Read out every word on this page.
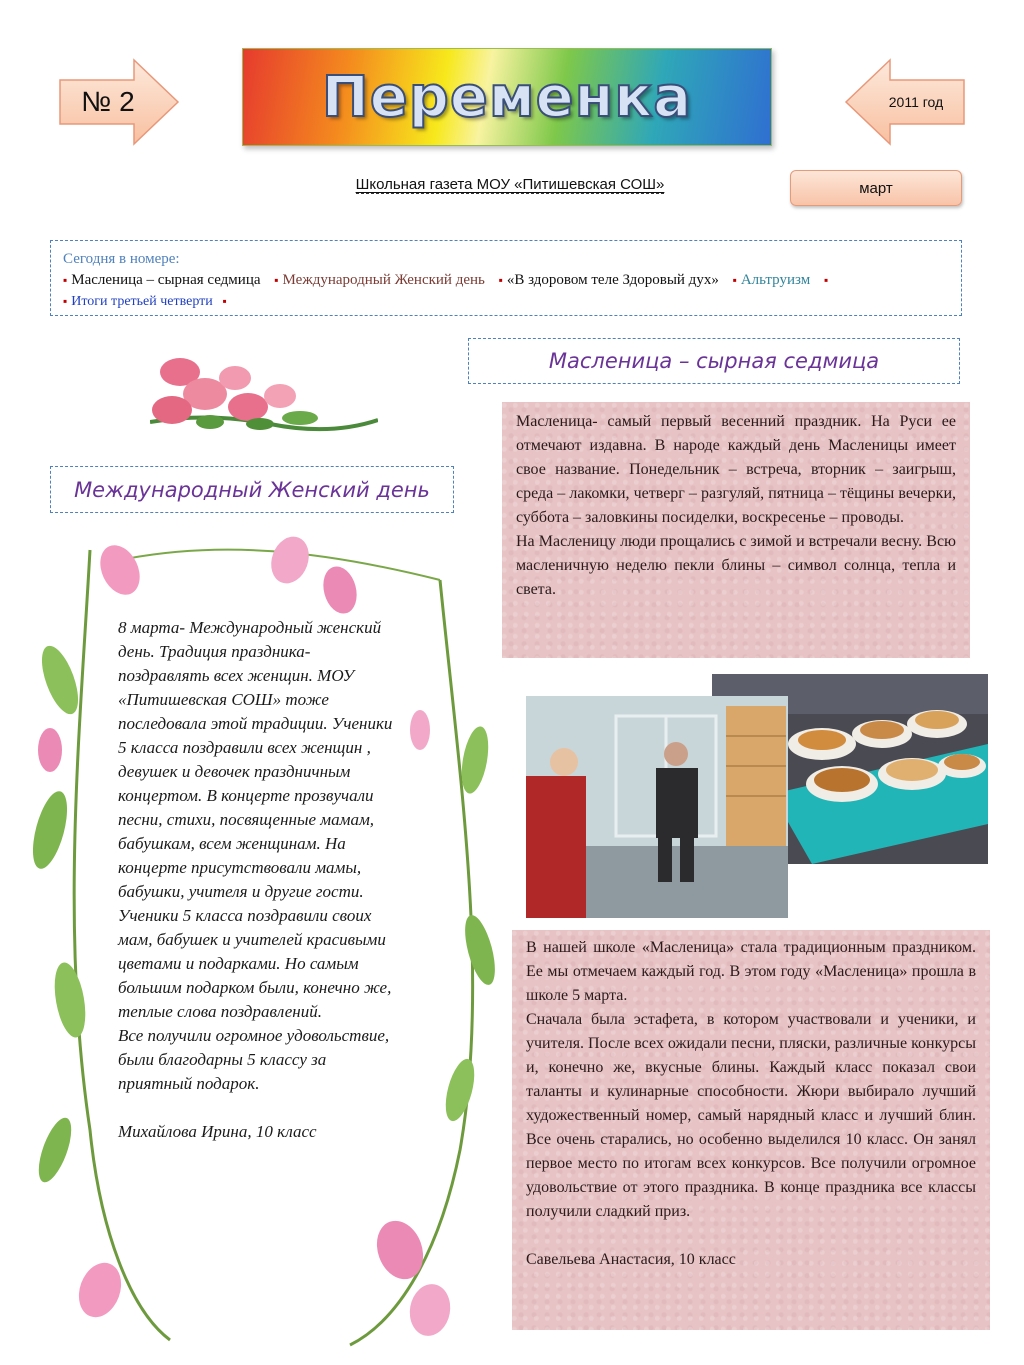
№ 2	Переменка	2011 год
Школьная газета МОУ «Питишевская СОШ»	март
Сегодня в номере:
▪ Масленица – сырная седмица ▪ Международный Женский день ▪ «В здоровом теле Здоровый дух» ▪ Альтруизм ▪
▪ Итоги третьей четверти ▪
Масленица – сырная седмица

Масленица- самый первый весенний праздник. На Руси ее отмечают издавна. В народе каждый день Масленицы имеет свое название. Понедельник – встреча, вторник – заигрыш, среда – лакомки, четверг – разгуляй, пятница – тёщины вечерки, суббота – заловкины посиделки, воскресенье – проводы.

На Масленицу люди прощались с зимой и встречали весну. Всю масленичную неделю пекли блины – символ солнца, тепла и света.

Международный Женский день

8 марта- Международный женский день. Традиция праздника- поздравлять всех женщин. МОУ «Питишевская СОШ» тоже последовала этой традиции. Ученики 5 класса поздравили всех женщин , девушек и девочек праздничным концертом. В концерте прозвучали песни, стихи, посвященные мамам, бабушкам, всем женщинам. На концерте присутствовали мамы, бабушки, учителя и другие гости. Ученики 5 класса поздравили своих мам, бабушек и учителей красивыми цветами и подарками. Но самым большим подарком были, конечно же, теплые слова поздравлений.

Все получили огромное удовольствие, были благодарны 5 классу за приятный подарок.

Михайлова Ирина, 10 класс

В нашей школе «Масленица» стала традиционным праздником. Ее мы отмечаем каждый год. В этом году «Масленица» прошла в школе 5 марта.

Сначала была эстафета, в котором участвовали и ученики, и учителя. После всех ожидали песни, пляски, различные конкурсы и, конечно же, вкусные блины. Каждый класс показал свои таланты и кулинарные способности. Жюри выбирало лучший художественный номер, самый нарядный класс и лучший блин. Все очень старались, но особенно выделился 10 класс. Он занял первое место по итогам всех конкурсов. Все получили огромное удовольствие от этого праздника. В конце праздника все классы получили сладкий приз.

Савельева Анастасия, 10 класс
